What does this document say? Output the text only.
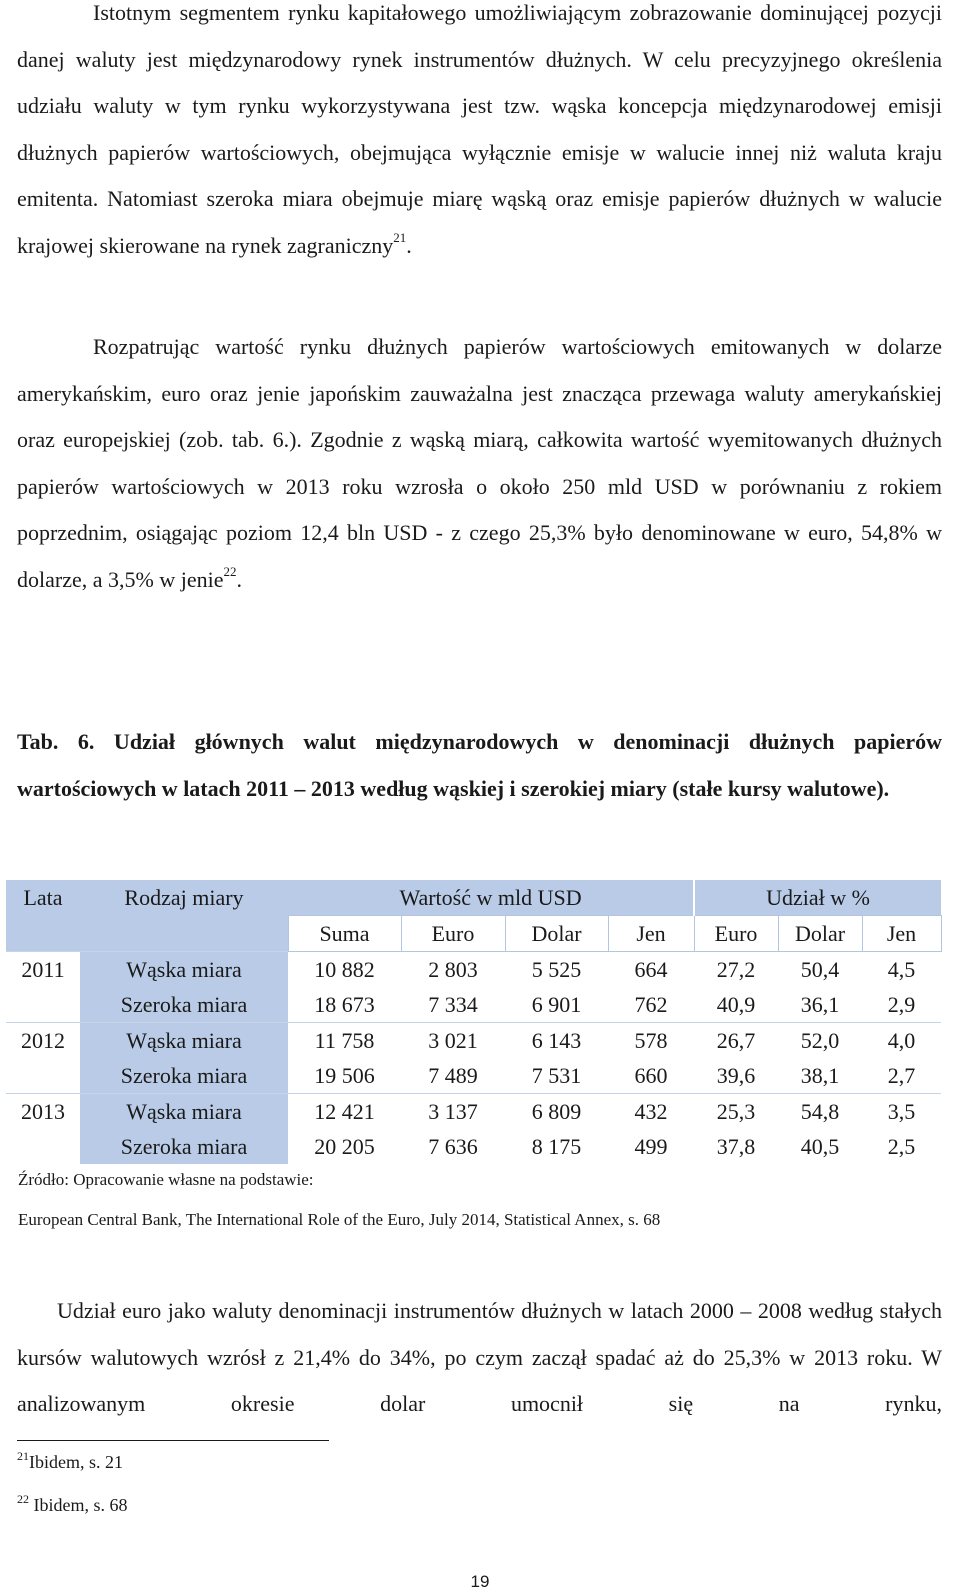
Istotnym segmentem rynku kapitałowego umożliwiającym zobrazowanie dominującej pozycji danej waluty jest międzynarodowy rynek instrumentów dłużnych. W celu precyzyjnego określenia udziału waluty w tym rynku wykorzystywana jest tzw. wąska koncepcja międzynarodowej emisji dłużnych papierów wartościowych, obejmująca wyłącznie emisje w walucie innej niż waluta kraju emitenta. Natomiast szeroka miara obejmuje miarę wąską oraz emisje papierów dłużnych w walucie krajowej skierowane na rynek zagraniczny$^{21}$.

Rozpatrując wartość rynku dłużnych papierów wartościowych emitowanych w dolarze amerykańskim, euro oraz jenie japońskim zauważalna jest znacząca przewaga waluty amerykańskiej oraz europejskiej (zob. tab. 6.). Zgodnie z wąską miarą, całkowita wartość wyemitowanych dłużnych papierów wartościowych w 2013 roku wzrosła o około 250 mld USD w porównaniu z rokiem poprzednim, osiągając poziom 12,4 bln USD - z czego 25,3% było denominowane w euro, 54,8% w dolarze, a 3,5% w jenie$^{22}$.

Tab. 6. Udział głównych walut międzynarodowych w denominacji dłużnych papierów wartościowych w latach 2011 – 2013 według wąskiej i szerokiej miary (stałe kursy walutowe).

Lata	Rodzaj miary	Wartość w mld USD				Udział w %		
		Suma	Euro	Dolar	Jen	Euro	Dolar	Jen
2011	Wąska miara	10 882	2 803	5 525	664	27,2	50,4	4,5
	Szeroka miara	18 673	7 334	6 901	762	40,9	36,1	2,9
2012	Wąska miara	11 758	3 021	6 143	578	26,7	52,0	4,0
	Szeroka miara	19 506	7 489	7 531	660	39,6	38,1	2,7
2013	Wąska miara	12 421	3 137	6 809	432	25,3	54,8	3,5
	Szeroka miara	20 205	7 636	8 175	499	37,8	40,5	2,5

Źródło: Opracowanie własne na podstawie:

European Central Bank, The International Role of the Euro, July 2014, Statistical Annex, s. 68

Udział euro jako waluty denominacji instrumentów dłużnych w latach 2000 – 2008 według stałych kursów walutowych wzrósł z 21,4% do 34%, po czym zaczął spadać aż do 25,3% w 2013 roku. W analizowanym okresie dolar umocnił się na rynku,

$^{21}$Ibidem, s. 21

$^{22}$ Ibidem, s. 68

19
